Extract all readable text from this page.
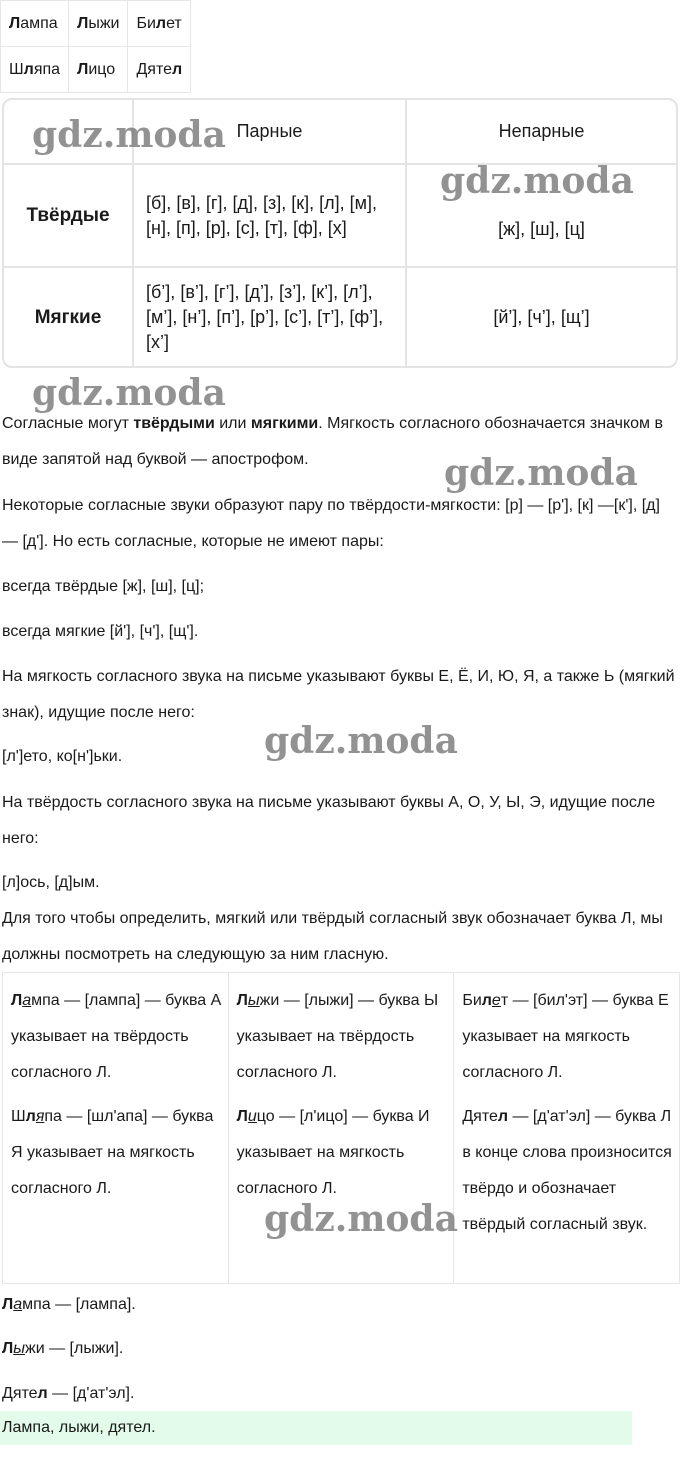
Лампа	Лыжи	Билет
Шляпа	Лицо	Дятел
	Парные	Непарные
Твёрдые	[б], [в], [г], [д], [з], [к], [л], [м], [н], [п], [р], [с], [т], [ф], [х]	[ж], [ш], [ц]
Мягкие	[б’], [в’], [г’], [д’], [з’], [к’], [л’], [м’], [н’], [п’], [р’], [с’], [т’], [ф’], [х’]	[й’], [ч’], [щ’]

Согласные могут твёрдыми или мягкими. Мягкость согласного обозначается значком в виде запятой над буквой — апострофом.

Некоторые согласные звуки образуют пару по твёрдости-мягкости: [р] — [р'], [к] —[к'], [д] — [д']. Но есть согласные, которые не имеют пары:

всегда твёрдые [ж], [ш], [ц];

всегда мягкие [й'], [ч'], [щ'].

На мягкость согласного звука на письме указывают буквы Е, Ё, И, Ю, Я, а также Ь (мягкий знак), идущие после него:

[л']ето, ко[н']ьки.

На твёрдость согласного звука на письме указывают буквы А, О, У, Ы, Э, идущие после него:

[л]ось, [д]ым.

Для того чтобы определить, мягкий или твёрдый согласный звук обозначает буква Л, мы должны посмотреть на следующую за ним гласную.

Лампа — [лампа] — буква А указывает на твёрдость согласного Л.
Шляпа — [шл'апа] — буква Я указывает на мягкость согласного Л.

Лыжи — [лыжи] — буква Ы указывает на твёрдость согласного Л.
Лицо — [л'ицо] — буква И указывает на мягкость согласного Л.

Билет — [бил'эт] — буква Е указывает на мягкость согласного Л.
Дятел — [д'ат'эл] — буква Л в конце слова произносится твёрдо и обозначает твёрдый согласный звук.

Лампа — [лампа].

Лыжи — [лыжи].

Дятел — [д'ат'эл].

Лампа, лыжи, дятел.
gdz.moda
gdz.moda
gdz.moda
gdz.moda
gdz.moda
gdz.moda
